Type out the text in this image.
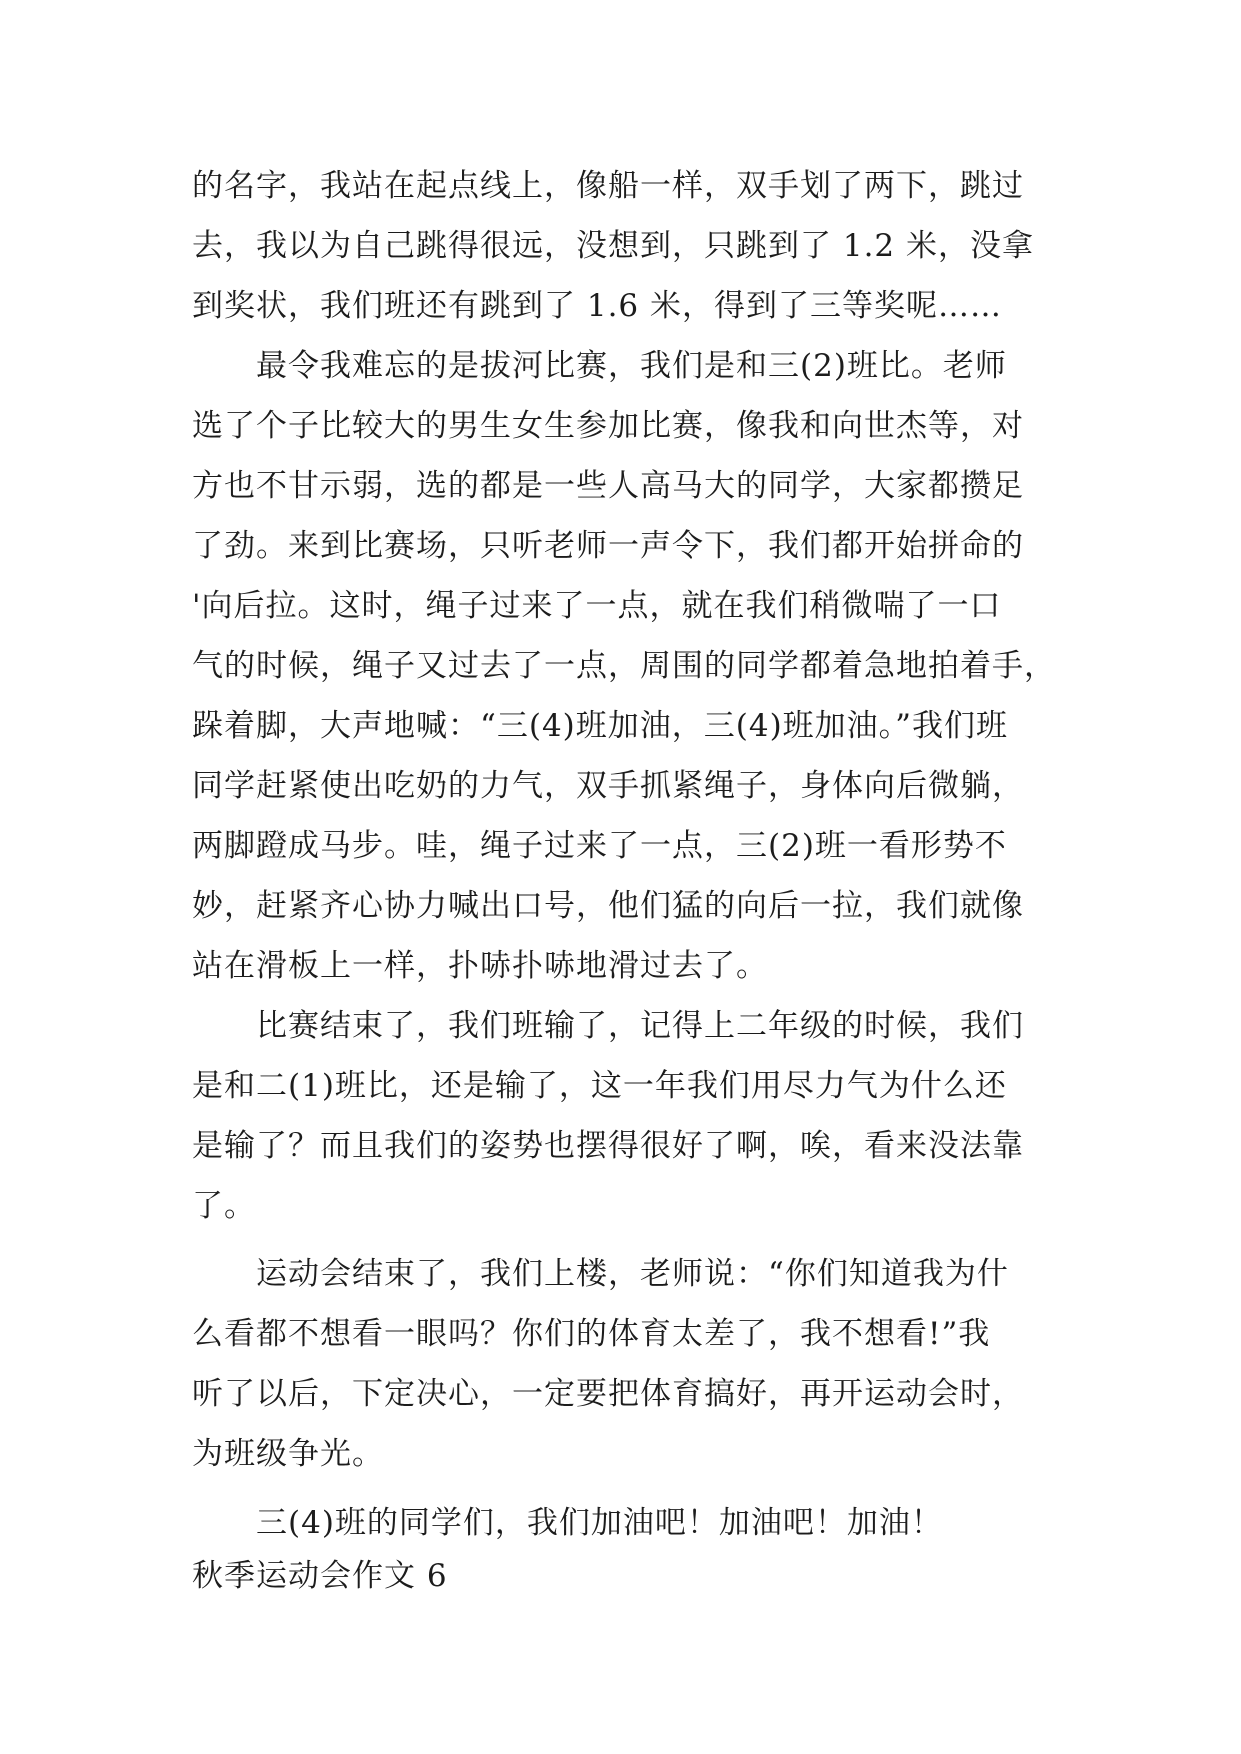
的名字，我站在起点线上，像船一样，双手划了两下，跳过
去，我以为自己跳得很远，没想到，只跳到了 1.2 米，没拿
到奖状，我们班还有跳到了 1.6 米，得到了三等奖呢……
最令我难忘的是拔河比赛，我们是和三(2)班比。老师
选了个子比较大的男生女生参加比赛，像我和向世杰等，对
方也不甘示弱，选的都是一些人高马大的同学，大家都攒足
了劲。来到比赛场，只听老师一声令下，我们都开始拼命的
'向后拉。这时，绳子过来了一点，就在我们稍微喘了一口
气的时候，绳子又过去了一点，周围的同学都着急地拍着手，
跺着脚，大声地喊：“三(4)班加油，三(4)班加油。”我们班
同学赶紧使出吃奶的力气，双手抓紧绳子，身体向后微躺，
两脚蹬成马步。哇，绳子过来了一点，三(2)班一看形势不
妙，赶紧齐心协力喊出口号，他们猛的向后一拉，我们就像
站在滑板上一样，扑哧扑哧地滑过去了。
比赛结束了，我们班输了，记得上二年级的时候，我们
是和二(1)班比，还是输了，这一年我们用尽力气为什么还
是输了？而且我们的姿势也摆得很好了啊，唉，看来没法靠
了。
运动会结束了，我们上楼，老师说：“你们知道我为什
么看都不想看一眼吗？你们的体育太差了，我不想看!”我
听了以后，下定决心，一定要把体育搞好，再开运动会时，
为班级争光。
三(4)班的同学们，我们加油吧！加油吧！加油！
秋季运动会作文 6
